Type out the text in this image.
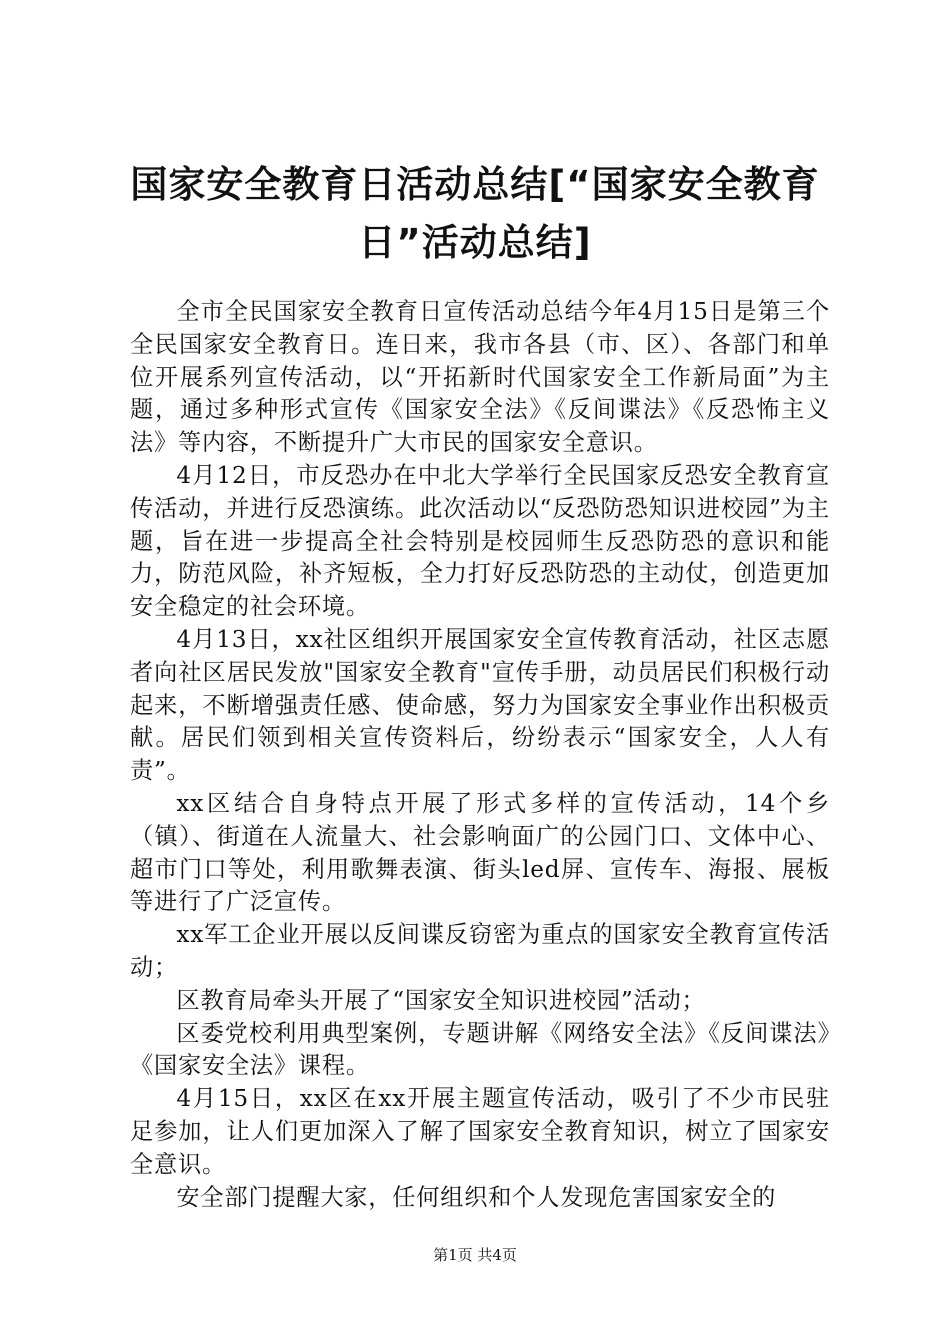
国家安全教育日活动总结[“国家安全教育日”活动总结]

全市全民国家安全教育日宣传活动总结今年4月15日是第三个全民国家安全教育日。连日来，我市各县（市、区）、各部门和单位开展系列宣传活动，以“开拓新时代国家安全工作新局面”为主题，通过多种形式宣传《国家安全法》《反间谍法》《反恐怖主义法》等内容，不断提升广大市民的国家安全意识。

4月12日，市反恐办在中北大学举行全民国家反恐安全教育宣传活动，并进行反恐演练。此次活动以“反恐防恐知识进校园”为主题，旨在进一步提高全社会特别是校园师生反恐防恐的意识和能力，防范风险，补齐短板，全力打好反恐防恐的主动仗，创造更加安全稳定的社会环境。

4月13日，xx社区组织开展国家安全宣传教育活动，社区志愿者向社区居民发放"国家安全教育"宣传手册，动员居民们积极行动起来，不断增强责任感、使命感，努力为国家安全事业作出积极贡献。居民们领到相关宣传资料后，纷纷表示“国家安全，人人有责”。

xx区结合自身特点开展了形式多样的宣传活动，14个乡（镇）、街道在人流量大、社会影响面广的公园门口、文体中心、超市门口等处，利用歌舞表演、街头led屏、宣传车、海报、展板等进行了广泛宣传。

xx军工企业开展以反间谍反窃密为重点的国家安全教育宣传活动；

区教育局牵头开展了“国家安全知识进校园”活动；

区委党校利用典型案例，专题讲解《网络安全法》《反间谍法》《国家安全法》课程。

4月15日，xx区在xx开展主题宣传活动，吸引了不少市民驻足参加，让人们更加深入了解了国家安全教育知识，树立了国家安全意识。

安全部门提醒大家，任何组织和个人发现危害国家安全的

第1页 共4页
